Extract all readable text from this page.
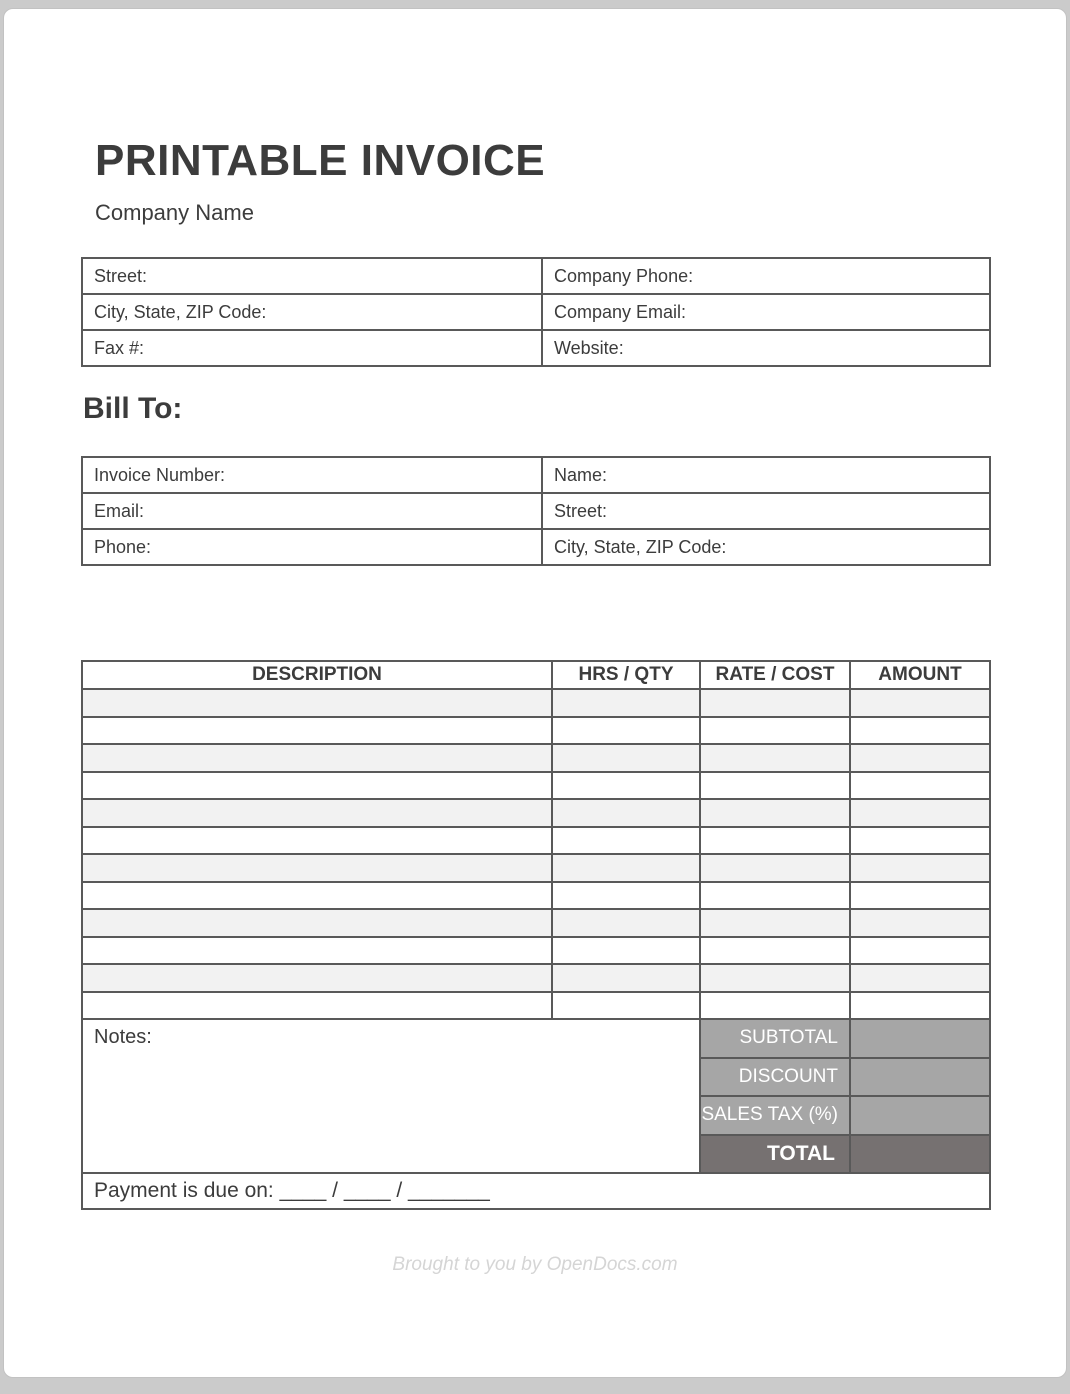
PRINTABLE INVOICE
Company Name
Street:	Company Phone:
City, State, ZIP Code:	Company Email:
Fax #:	Website:
Bill To:
Invoice Number:	Name:
Email:	Street:
Phone:	City, State, ZIP Code:
DESCRIPTION	HRS / QTY	RATE / COST	AMOUNT

Notes:		SUBTOTAL	
		DISCOUNT	
		SALES TAX (%)	
		TOTAL	
Payment is due on: ____ / ____ / _______			
Brought to you by OpenDocs.com
